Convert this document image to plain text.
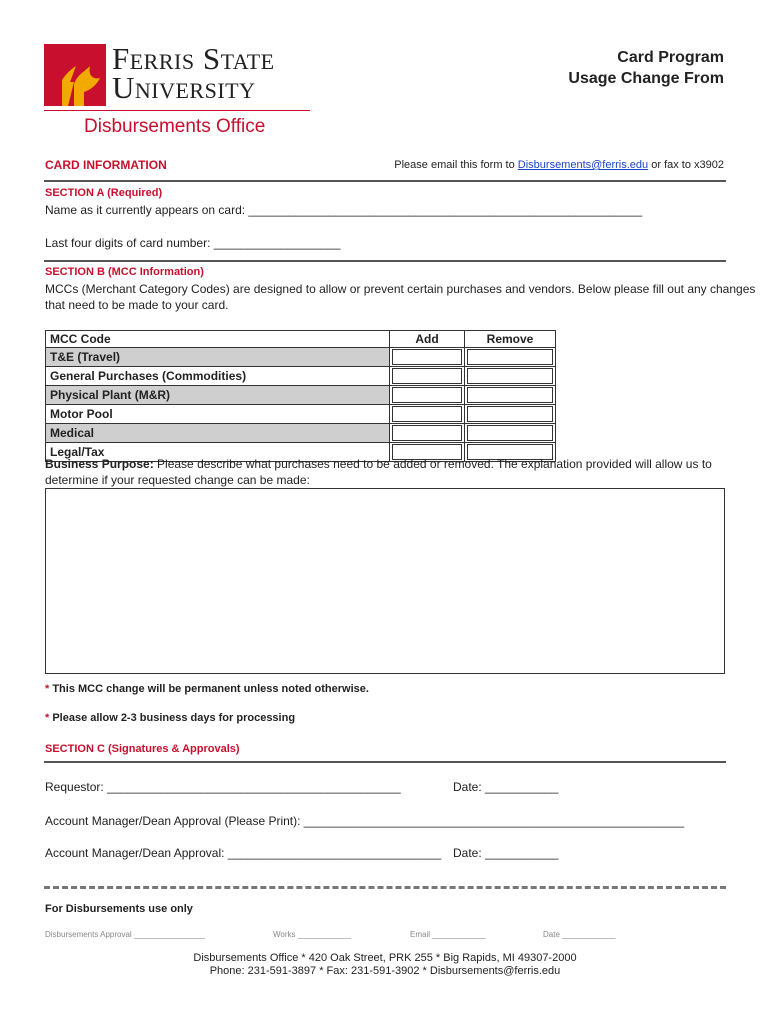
Ferris State
University
Disbursements Office
Card Program
Usage Change From
CARD INFORMATION	Please email this form to Disbursements@ferris.edu or fax to x3902
SECTION A (Required)
Name as it currently appears on card: ___________________________________________________________
Last four digits of card number: ___________________
SECTION B (MCC Information)
MCCs (Merchant Category Codes) are designed to allow or prevent certain purchases and vendors. Below please fill out any changes
that need to be made to your card.
MCC Code	Add	Remove
T&E (Travel)	

General Purchases (Commodities)	

Physical Plant (M&R)	

Motor Pool	

Medical	

Legal/Tax	

Business Purpose: Please describe what purchases need to be added or removed. The explanation provided will allow us to
determine if your requested change can be made:
* This MCC change will be permanent unless noted otherwise.
* Please allow 2-3 business days for processing
SECTION C (Signatures & Approvals)
Requestor: ____________________________________________	Date: ___________
Account Manager/Dean Approval (Please Print): _________________________________________________________
Account Manager/Dean Approval: ________________________________ Date: ___________
For Disbursements use only
Disbursements Approval ________________	Works ____________	Email ____________	Date ____________
Disbursements Office * 420 Oak Street, PRK 255 * Big Rapids, MI 49307-2000
Phone: 231-591-3897 * Fax: 231-591-3902 * Disbursements@ferris.edu
